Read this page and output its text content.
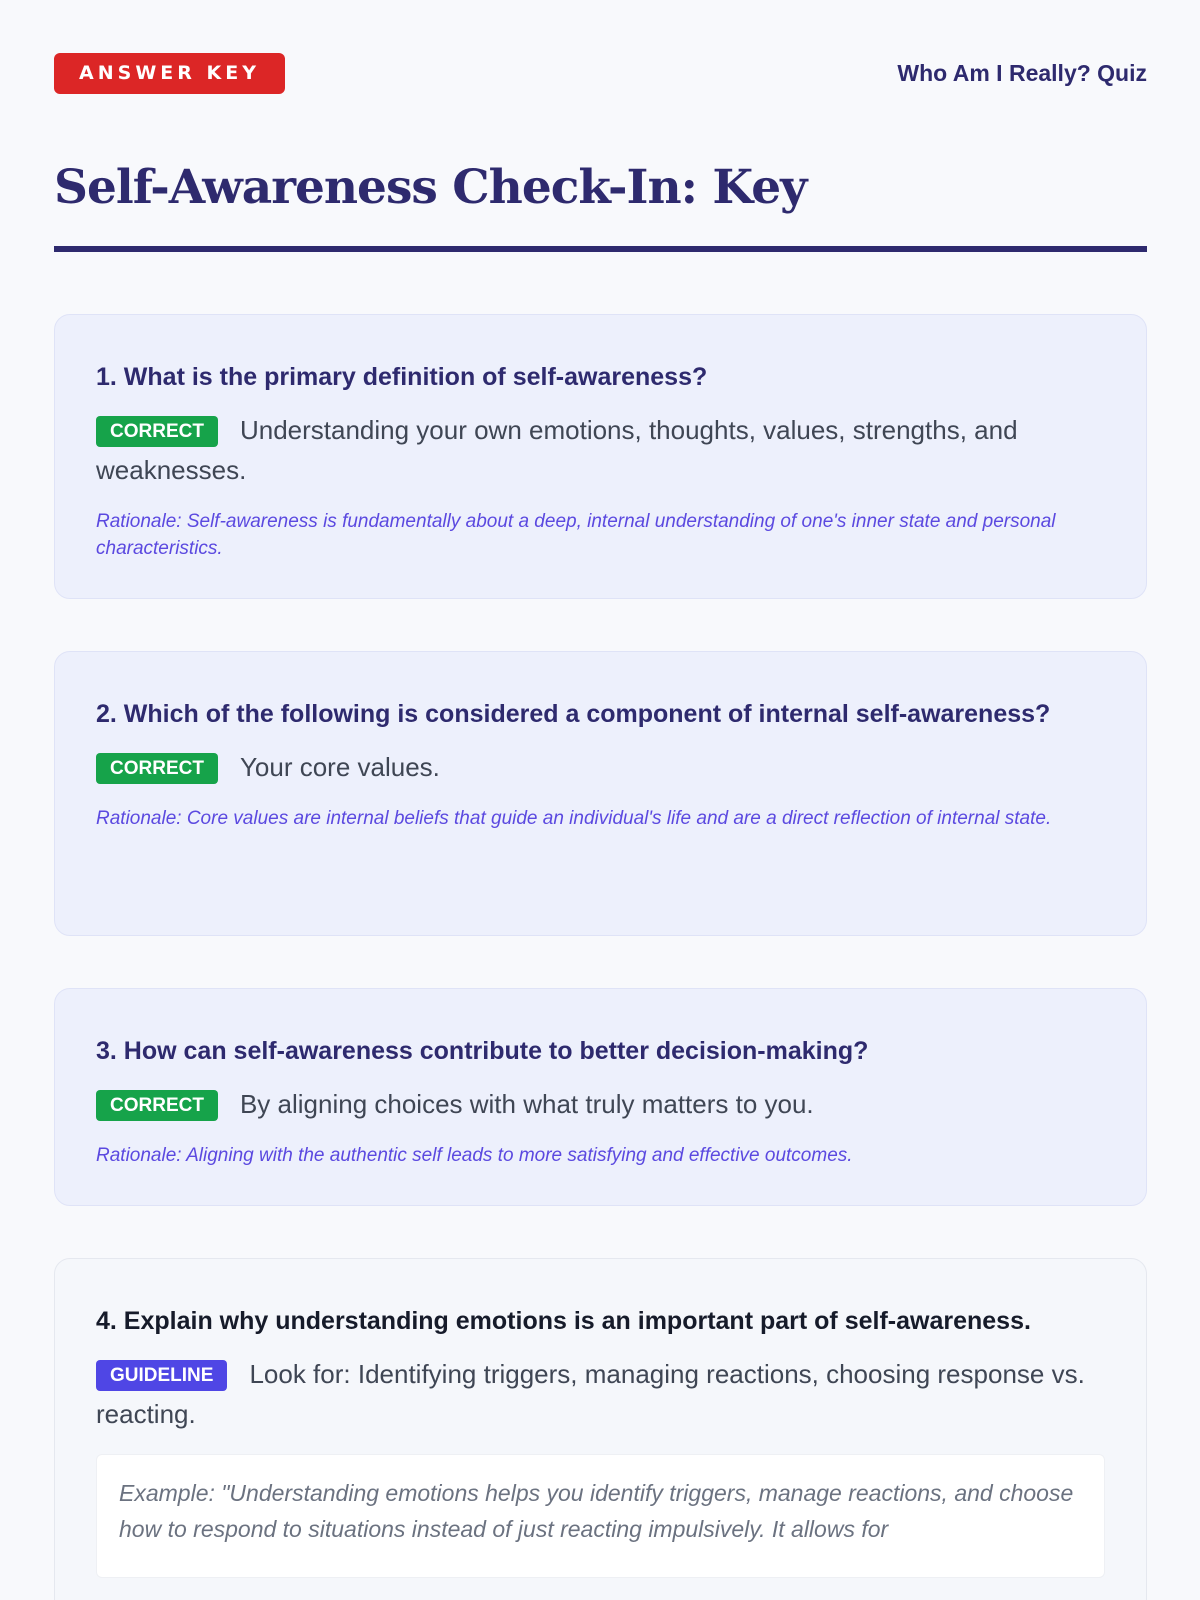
ANSWER KEY	Who Am I Really? Quiz
Self-Awareness Check-In: Key
1. What is the primary definition of self-awareness?
CORRECT Understanding your own emotions, thoughts, values, strengths, and weaknesses.
Rationale: Self-awareness is fundamentally about a deep, internal understanding of one's inner state and personal characteristics.
2. Which of the following is considered a component of internal self-awareness?
CORRECT Your core values.
Rationale: Core values are internal beliefs that guide an individual's life and are a direct reflection of internal state.
3. How can self-awareness contribute to better decision-making?
CORRECT By aligning choices with what truly matters to you.
Rationale: Aligning with the authentic self leads to more satisfying and effective outcomes.
4. Explain why understanding emotions is an important part of self-awareness.
GUIDELINE Look for: Identifying triggers, managing reactions, choosing response vs. reacting.
Example: "Understanding emotions helps you identify triggers, manage reactions, and choose how to respond to situations instead of just reacting impulsively. It allows for
